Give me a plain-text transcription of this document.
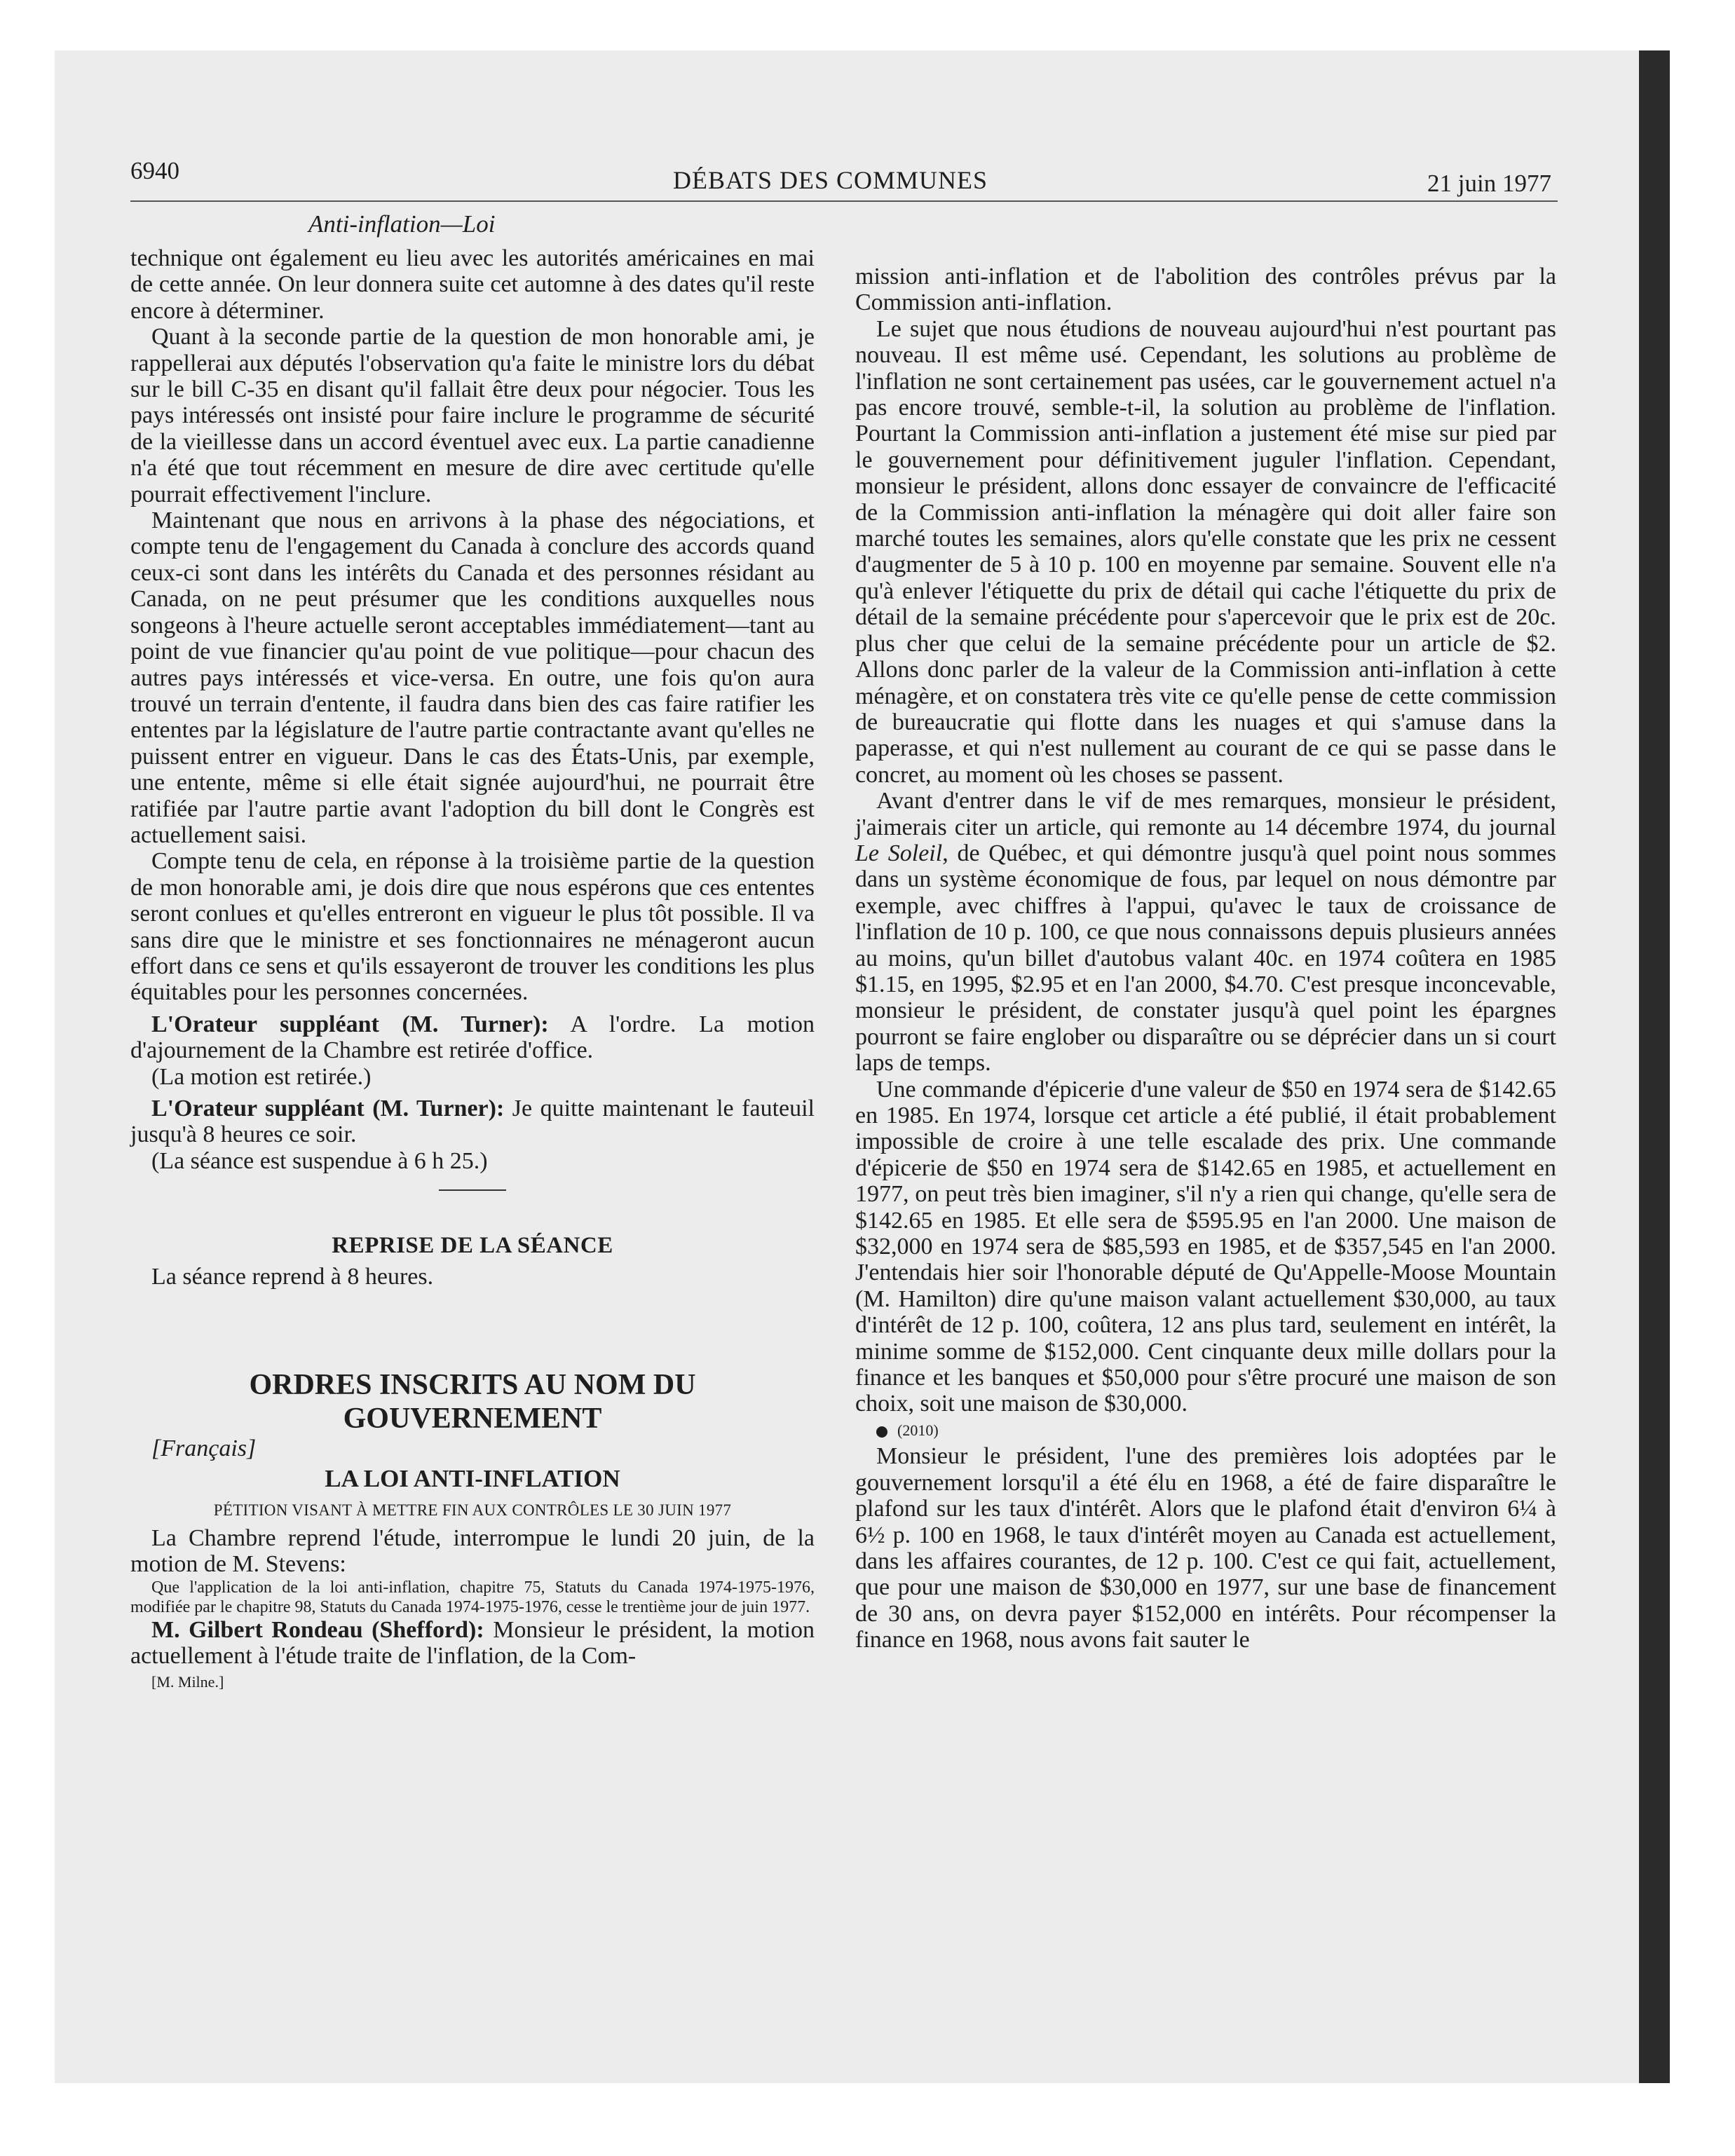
6940	DÉBATS DES COMMUNES	21 juin 1977
Anti-inflation—Loi

technique ont également eu lieu avec les autorités américaines en mai de cette année. On leur donnera suite cet automne à des dates qu'il reste encore à déterminer.

Quant à la seconde partie de la question de mon honorable ami, je rappellerai aux députés l'observation qu'a faite le ministre lors du débat sur le bill C-35 en disant qu'il fallait être deux pour négocier. Tous les pays intéressés ont insisté pour faire inclure le programme de sécurité de la vieillesse dans un accord éventuel avec eux. La partie canadienne n'a été que tout récemment en mesure de dire avec certitude qu'elle pourrait effectivement l'inclure.

Maintenant que nous en arrivons à la phase des négociations, et compte tenu de l'engagement du Canada à conclure des accords quand ceux-ci sont dans les intérêts du Canada et des personnes résidant au Canada, on ne peut présumer que les conditions auxquelles nous songeons à l'heure actuelle seront acceptables immédiatement—tant au point de vue financier qu'au point de vue politique—pour chacun des autres pays intéressés et vice-versa. En outre, une fois qu'on aura trouvé un terrain d'entente, il faudra dans bien des cas faire ratifier les ententes par la législature de l'autre partie contractante avant qu'elles ne puissent entrer en vigueur. Dans le cas des États-Unis, par exemple, une entente, même si elle était signée aujourd'hui, ne pourrait être ratifiée par l'autre partie avant l'adoption du bill dont le Congrès est actuellement saisi.

Compte tenu de cela, en réponse à la troisième partie de la question de mon honorable ami, je dois dire que nous espérons que ces ententes seront conlues et qu'elles entreront en vigueur le plus tôt possible. Il va sans dire que le ministre et ses fonctionnaires ne ménageront aucun effort dans ce sens et qu'ils essayeront de trouver les conditions les plus équitables pour les personnes concernées.

L'Orateur suppléant (M. Turner): A l'ordre. La motion d'ajournement de la Chambre est retirée d'office.

(La motion est retirée.)

L'Orateur suppléant (M. Turner): Je quitte maintenant le fauteuil jusqu'à 8 heures ce soir.

(La séance est suspendue à 6 h 25.)

REPRISE DE LA SÉANCE

La séance reprend à 8 heures.

ORDRES INSCRITS AU NOM DU GOUVERNEMENT

[Français]

LA LOI ANTI-INFLATION
PÉTITION VISANT À METTRE FIN AUX CONTRÔLES LE 30 JUIN 1977

La Chambre reprend l'étude, interrompue le lundi 20 juin, de la motion de M. Stevens:

Que l'application de la loi anti-inflation, chapitre 75, Statuts du Canada 1974-1975-1976, modifiée par le chapitre 98, Statuts du Canada 1974-1975-1976, cesse le trentième jour de juin 1977.

M. Gilbert Rondeau (Shefford): Monsieur le président, la motion actuellement à l'étude traite de l'inflation, de la Com-

[M. Milne.]

mission anti-inflation et de l'abolition des contrôles prévus par la Commission anti-inflation.

Le sujet que nous étudions de nouveau aujourd'hui n'est pourtant pas nouveau. Il est même usé. Cependant, les solutions au problème de l'inflation ne sont certainement pas usées, car le gouvernement actuel n'a pas encore trouvé, semble-t-il, la solution au problème de l'inflation. Pourtant la Commission anti-inflation a justement été mise sur pied par le gouvernement pour définitivement juguler l'inflation. Cependant, monsieur le président, allons donc essayer de convaincre de l'efficacité de la Commission anti-inflation la ménagère qui doit aller faire son marché toutes les semaines, alors qu'elle constate que les prix ne cessent d'augmenter de 5 à 10 p. 100 en moyenne par semaine. Souvent elle n'a qu'à enlever l'étiquette du prix de détail qui cache l'étiquette du prix de détail de la semaine précédente pour s'apercevoir que le prix est de 20c. plus cher que celui de la semaine précédente pour un article de $2. Allons donc parler de la valeur de la Commission anti-inflation à cette ménagère, et on constatera très vite ce qu'elle pense de cette commission de bureaucratie qui flotte dans les nuages et qui s'amuse dans la paperasse, et qui n'est nullement au courant de ce qui se passe dans le concret, au moment où les choses se passent.

Avant d'entrer dans le vif de mes remarques, monsieur le président, j'aimerais citer un article, qui remonte au 14 décembre 1974, du journal Le Soleil, de Québec, et qui démontre jusqu'à quel point nous sommes dans un système économique de fous, par lequel on nous démontre par exemple, avec chiffres à l'appui, qu'avec le taux de croissance de l'inflation de 10 p. 100, ce que nous connaissons depuis plusieurs années au moins, qu'un billet d'autobus valant 40c. en 1974 coûtera en 1985 $1.15, en 1995, $2.95 et en l'an 2000, $4.70. C'est presque inconcevable, monsieur le président, de constater jusqu'à quel point les épargnes pourront se faire englober ou disparaître ou se déprécier dans un si court laps de temps.

Une commande d'épicerie d'une valeur de $50 en 1974 sera de $142.65 en 1985. En 1974, lorsque cet article a été publié, il était probablement impossible de croire à une telle escalade des prix. Une commande d'épicerie de $50 en 1974 sera de $142.65 en 1985, et actuellement en 1977, on peut très bien imaginer, s'il n'y a rien qui change, qu'elle sera de $142.65 en 1985. Et elle sera de $595.95 en l'an 2000. Une maison de $32,000 en 1974 sera de $85,593 en 1985, et de $357,545 en l'an 2000. J'entendais hier soir l'honorable député de Qu'Appelle-Moose Mountain (M. Hamilton) dire qu'une maison valant actuellement $30,000, au taux d'intérêt de 12 p. 100, coûtera, 12 ans plus tard, seulement en intérêt, la minime somme de $152,000. Cent cinquante deux mille dollars pour la finance et les banques et $50,000 pour s'être procuré une maison de son choix, soit une maison de $30,000.

(2010)

Monsieur le président, l'une des premières lois adoptées par le gouvernement lorsqu'il a été élu en 1968, a été de faire disparaître le plafond sur les taux d'intérêt. Alors que le plafond était d'environ 6¼ à 6½ p. 100 en 1968, le taux d'intérêt moyen au Canada est actuellement, dans les affaires courantes, de 12 p. 100. C'est ce qui fait, actuellement, que pour une maison de $30,000 en 1977, sur une base de financement de 30 ans, on devra payer $152,000 en intérêts. Pour récompenser la finance en 1968, nous avons fait sauter le
